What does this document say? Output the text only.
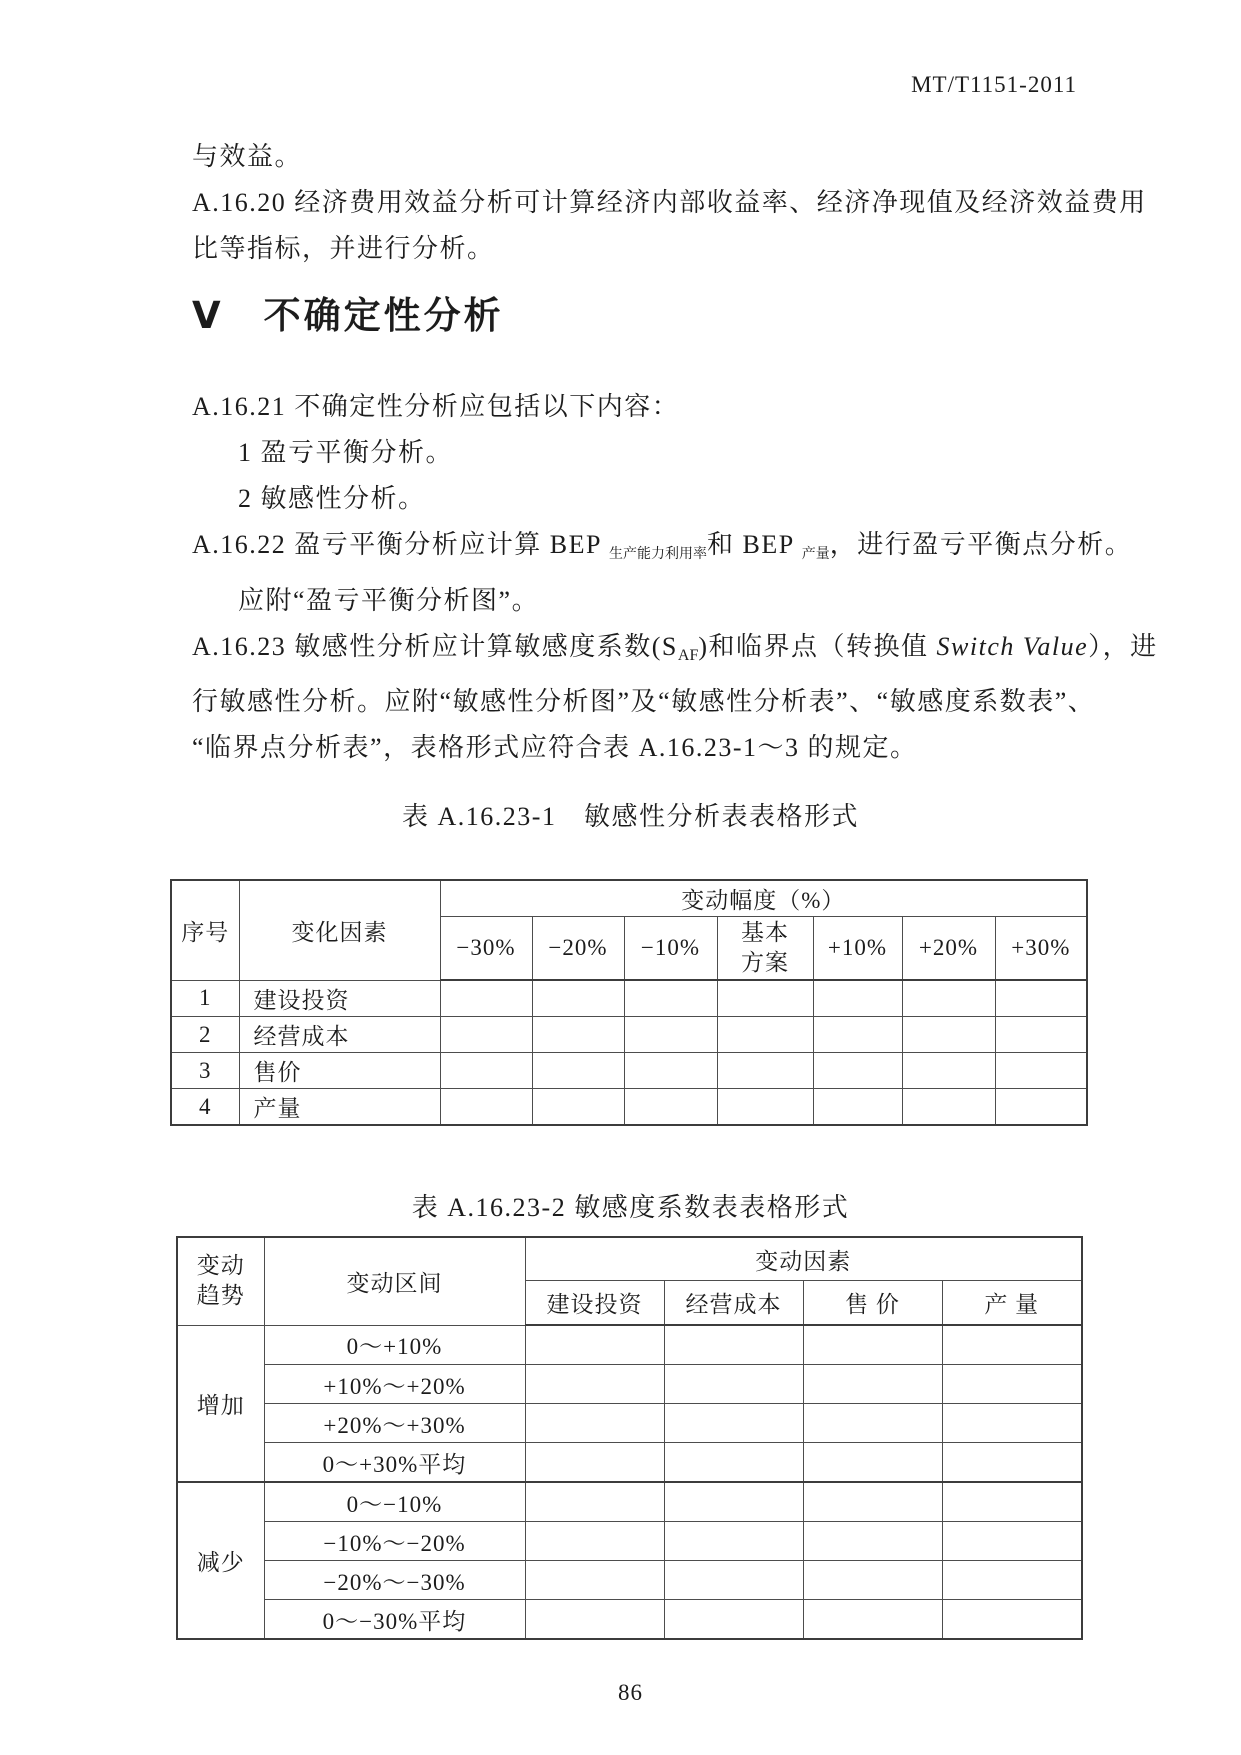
MT/T1151-2011

与效益。

A.16.20 经济费用效益分析可计算经济内部收益率、经济净现值及经济效益费用

比等指标，并进行分析。

Ⅴ　不确定性分析

A.16.21 不确定性分析应包括以下内容：

1 盈亏平衡分析。

2 敏感性分析。

A.16.22 盈亏平衡分析应计算 BEP 生产能力利用率和 BEP 产量，进行盈亏平衡点分析。

应附“盈亏平衡分析图”。

A.16.23 敏感性分析应计算敏感度系数(SAF)和临界点（转换值 Switch Value），进

行敏感性分析。应附“敏感性分析图”及“敏感性分析表”、“敏感度系数表”、

“临界点分析表”，表格形式应符合表 A.16.23-1～3 的规定。

表 A.16.23-1　敏感性分析表表格形式
序号	变化因素	变动幅度（%）						
		−30%	−20%	−10%	基本方案	+10%	+20%	+30%
1	建设投资							
2	经营成本							
3	售价							
4	产量							
表 A.16.23-2 敏感度系数表表格形式
变动趋势	变动区间	变动因素			
		建设投资	经营成本	售 价	产 量
增加	0～+10%				
	+10%～+20%				
	+20%～+30%				
	0～+30%平均				
减少	0～−10%				
	−10%～−20%				
	−20%～−30%				
	0～−30%平均				
86
